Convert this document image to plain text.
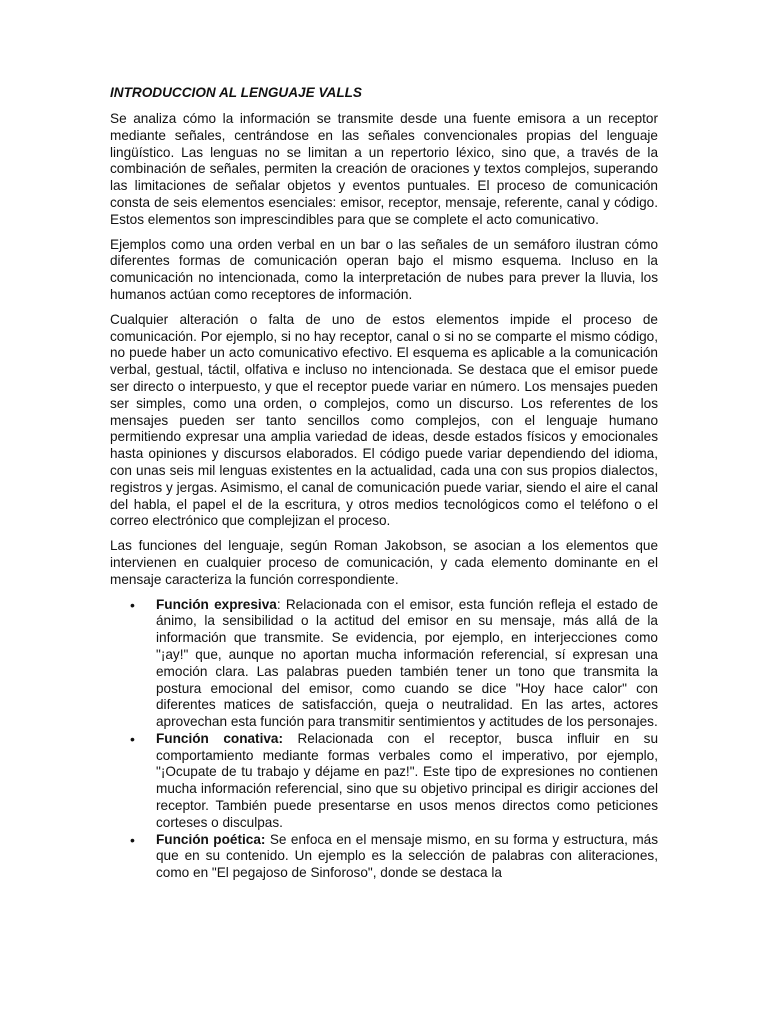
INTRODUCCION AL LENGUAJE VALLS

Se analiza cómo la información se transmite desde una fuente emisora a un receptor mediante señales, centrándose en las señales convencionales propias del lenguaje lingüístico. Las lenguas no se limitan a un repertorio léxico, sino que, a través de la combinación de señales, permiten la creación de oraciones y textos complejos, superando las limitaciones de señalar objetos y eventos puntuales. El proceso de comunicación consta de seis elementos esenciales: emisor, receptor, mensaje, referente, canal y código. Estos elementos son imprescindibles para que se complete el acto comunicativo.

Ejemplos como una orden verbal en un bar o las señales de un semáforo ilustran cómo diferentes formas de comunicación operan bajo el mismo esquema. Incluso en la comunicación no intencionada, como la interpretación de nubes para prever la lluvia, los humanos actúan como receptores de información.

Cualquier alteración o falta de uno de estos elementos impide el proceso de comunicación. Por ejemplo, si no hay receptor, canal o si no se comparte el mismo código, no puede haber un acto comunicativo efectivo. El esquema es aplicable a la comunicación verbal, gestual, táctil, olfativa e incluso no intencionada. Se destaca que el emisor puede ser directo o interpuesto, y que el receptor puede variar en número. Los mensajes pueden ser simples, como una orden, o complejos, como un discurso. Los referentes de los mensajes pueden ser tanto sencillos como complejos, con el lenguaje humano permitiendo expresar una amplia variedad de ideas, desde estados físicos y emocionales hasta opiniones y discursos elaborados. El código puede variar dependiendo del idioma, con unas seis mil lenguas existentes en la actualidad, cada una con sus propios dialectos, registros y jergas. Asimismo, el canal de comunicación puede variar, siendo el aire el canal del habla, el papel el de la escritura, y otros medios tecnológicos como el teléfono o el correo electrónico que complejizan el proceso.

Las funciones del lenguaje, según Roman Jakobson, se asocian a los elementos que intervienen en cualquier proceso de comunicación, y cada elemento dominante en el mensaje caracteriza la función correspondiente.

• Función expresiva: Relacionada con el emisor, esta función refleja el estado de ánimo, la sensibilidad o la actitud del emisor en su mensaje, más allá de la información que transmite. Se evidencia, por ejemplo, en interjecciones como "¡ay!" que, aunque no aportan mucha información referencial, sí expresan una emoción clara. Las palabras pueden también tener un tono que transmita la postura emocional del emisor, como cuando se dice "Hoy hace calor" con diferentes matices de satisfacción, queja o neutralidad. En las artes, actores aprovechan esta función para transmitir sentimientos y actitudes de los personajes.
• Función conativa: Relacionada con el receptor, busca influir en su comportamiento mediante formas verbales como el imperativo, por ejemplo, "¡Ocupate de tu trabajo y déjame en paz!". Este tipo de expresiones no contienen mucha información referencial, sino que su objetivo principal es dirigir acciones del receptor. También puede presentarse en usos menos directos como peticiones corteses o disculpas.
• Función poética: Se enfoca en el mensaje mismo, en su forma y estructura, más que en su contenido. Un ejemplo es la selección de palabras con aliteraciones, como en "El pegajoso de Sinforoso", donde se destaca la
